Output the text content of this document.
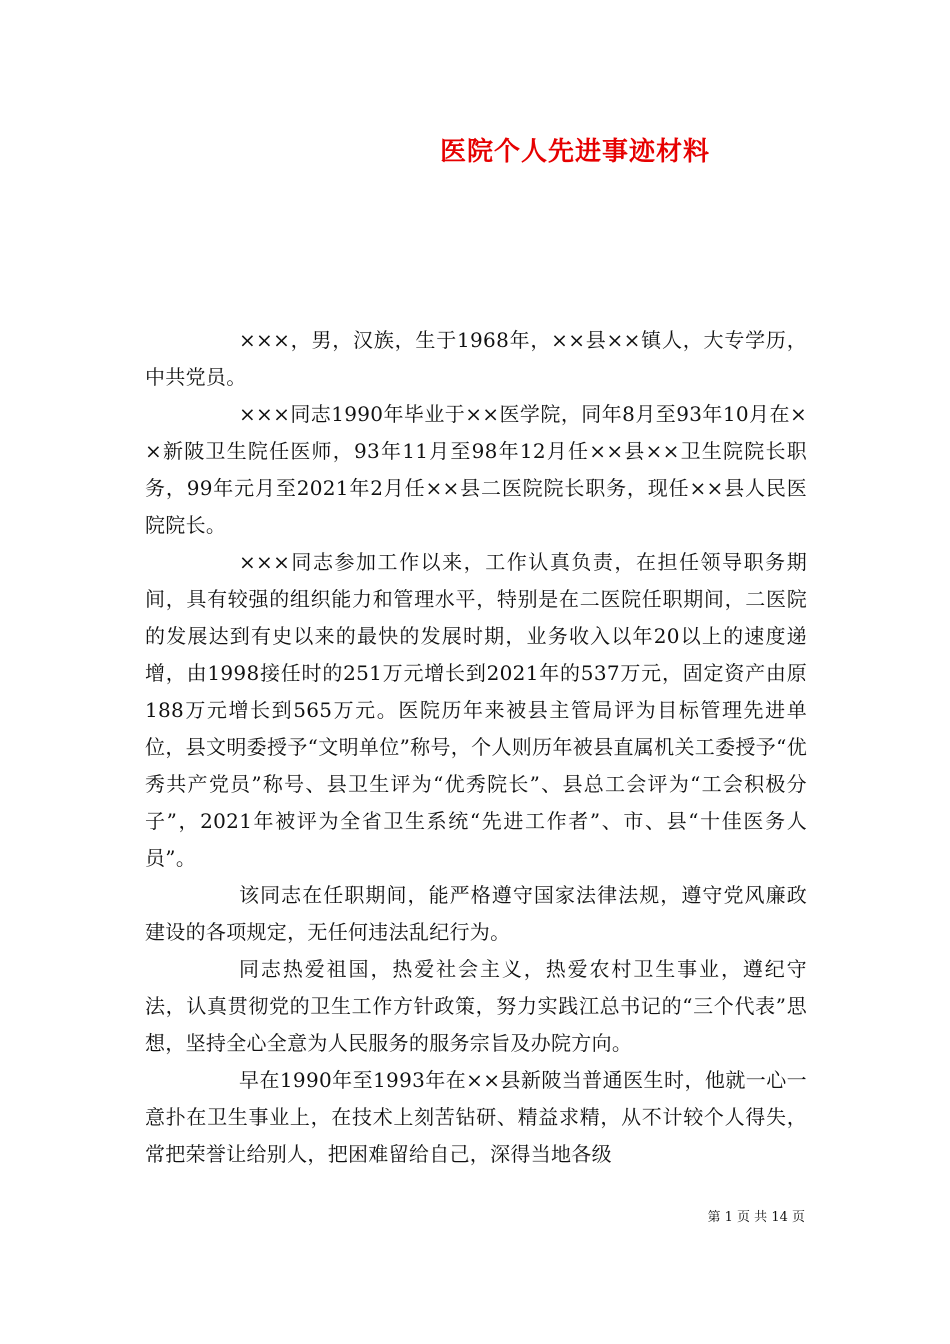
医院个人先进事迹材料

×××，男，汉族，生于1968年，××县××镇人，大专学历，中共党员。

×××同志1990年毕业于××医学院，同年8月至93年10月在××新陂卫生院任医师，93年11月至98年12月任××县××卫生院院长职务，99年元月至2021年2月任××县二医院院长职务，现任××县人民医院院长。

×××同志参加工作以来，工作认真负责，在担任领导职务期间，具有较强的组织能力和管理水平，特别是在二医院任职期间，二医院的发展达到有史以来的最快的发展时期，业务收入以年20以上的速度递增，由1998接任时的251万元增长到2021年的537万元，固定资产由原188万元增长到565万元。医院历年来被县主管局评为目标管理先进单位，县文明委授予“文明单位”称号，个人则历年被县直属机关工委授予“优秀共产党员”称号、县卫生评为“优秀院长”、县总工会评为“工会积极分子”，2021年被评为全省卫生系统“先进工作者”、市、县“十佳医务人员”。

该同志在任职期间，能严格遵守国家法律法规，遵守党风廉政建设的各项规定，无任何违法乱纪行为。

同志热爱祖国，热爱社会主义，热爱农村卫生事业，遵纪守法，认真贯彻党的卫生工作方针政策，努力实践江总书记的“三个代表”思想，坚持全心全意为人民服务的服务宗旨及办院方向。

早在1990年至1993年在××县新陂当普通医生时，他就一心一意扑在卫生事业上，在技术上刻苦钻研、精益求精，从不计较个人得失，常把荣誉让给别人，把困难留给自己，深得当地各级

第 1 页 共 14 页
